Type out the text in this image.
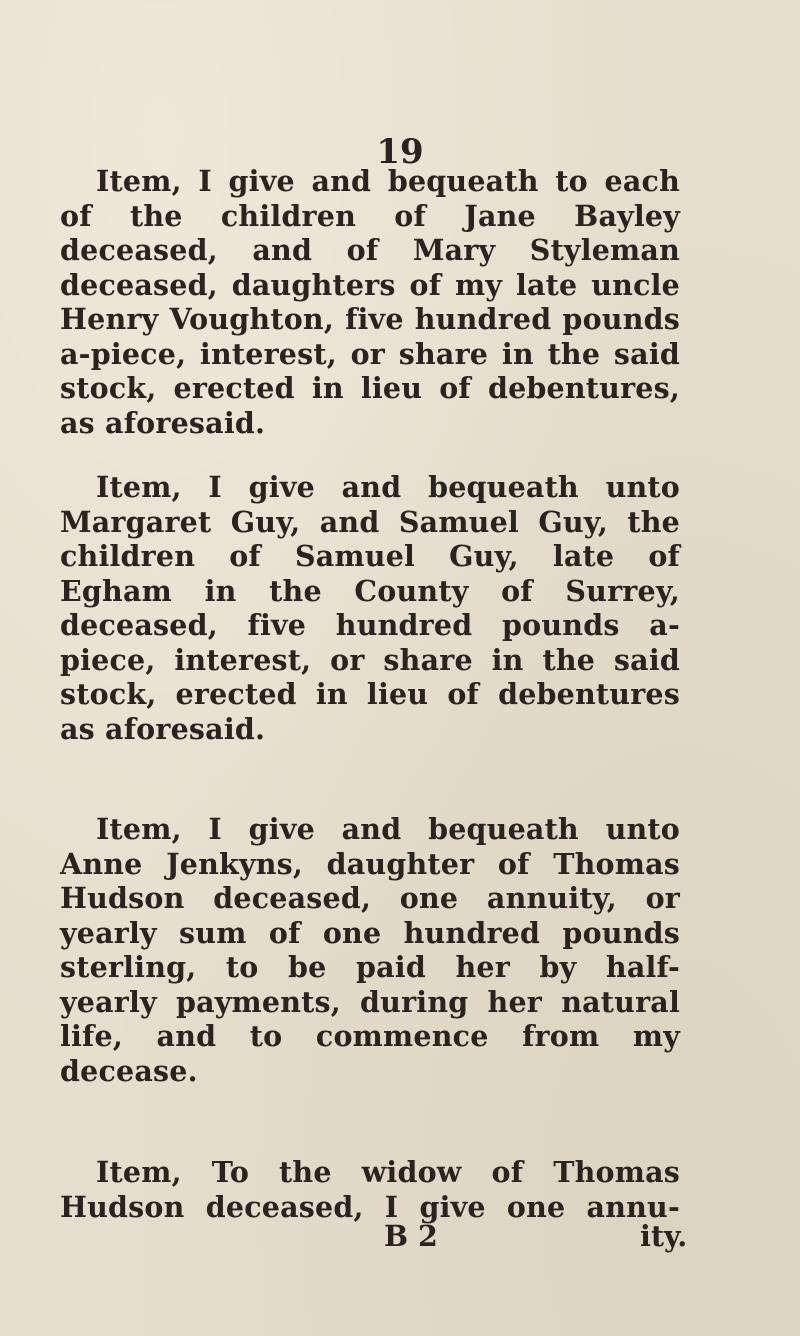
19
Item, I give and bequeath to each
of the children of Jane Bayley
deceased, and of Mary Styleman
deceased, daughters of my late uncle
Henry Voughton, five hundred pounds
a-piece, interest, or share in the said
stock, erected in lieu of debentures,
as aforesaid.
Item, I give and bequeath unto
Margaret Guy, and Samuel Guy, the
children of Samuel Guy, late of
Egham in the County of Surrey,
deceased, five hundred pounds a-
piece, interest, or share in the said
stock, erected in lieu of debentures
as aforesaid.
Item, I give and bequeath unto
Anne Jenkyns, daughter of Thomas
Hudson deceased, one annuity, or
yearly sum of one hundred pounds
sterling, to be paid her by half-
yearly payments, during her natural
life, and to commence from my
decease.
Item, To the widow of Thomas
Hudson deceased, I give one annu-
B 2	ity.
